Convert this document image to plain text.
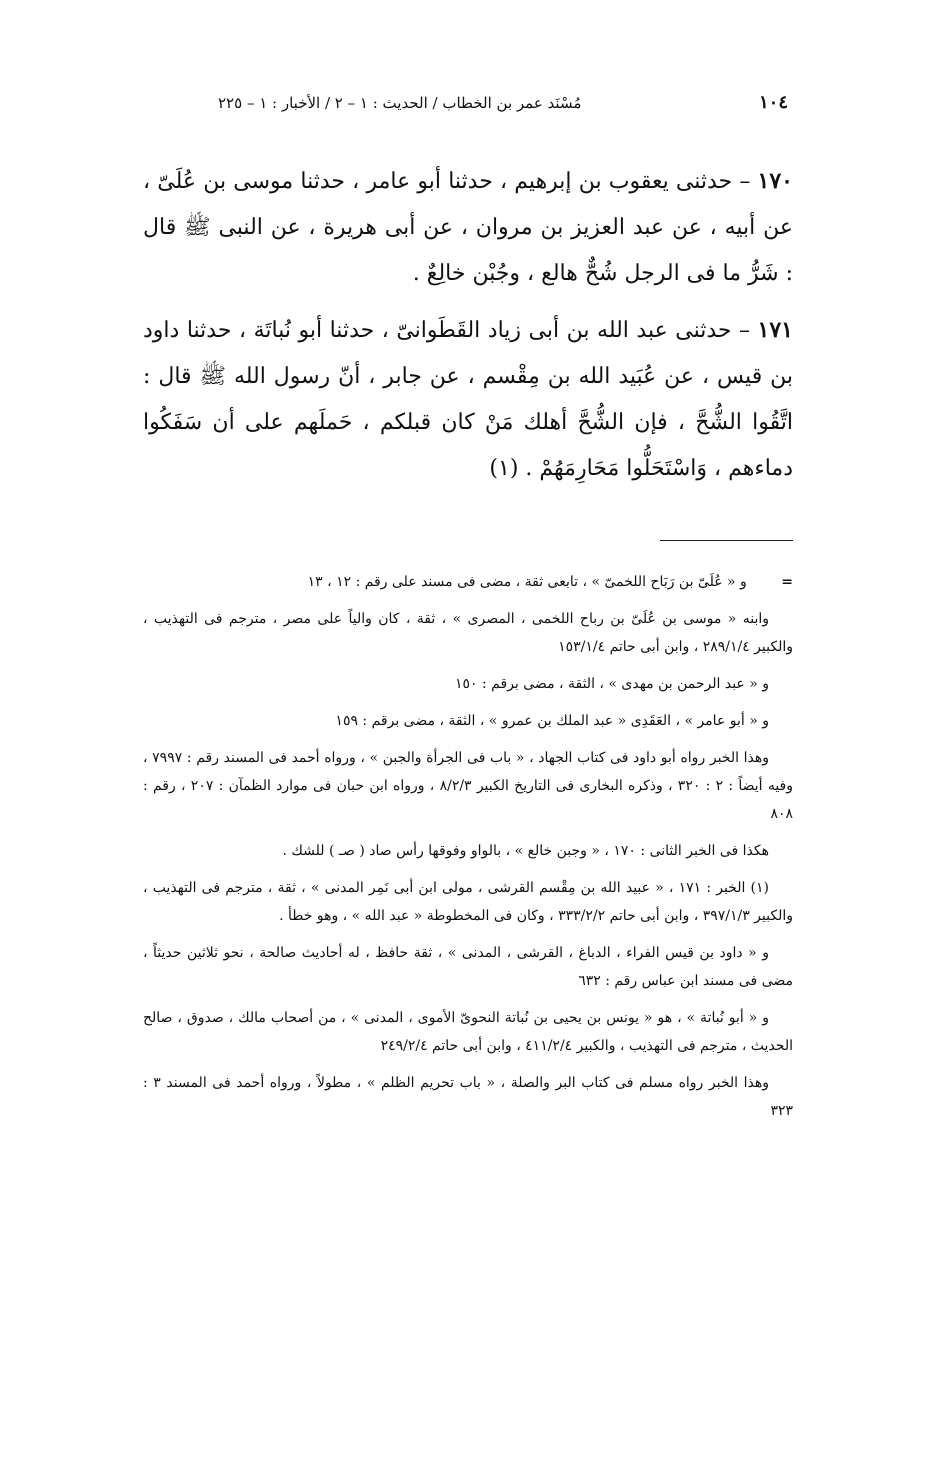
١٠٤
مُسْنَد عمر بن الخطاب / الحديث : ١ – ٢ / الأخبار : ١ – ٢٢٥

١٧٠ – حدثنى يعقوب بن إبرهيم ، حدثنا أبو عامر ، حدثنا موسى بن عُلَىّ ، عن أبيه ، عن عبد العزيز بن مروان ، عن أبى هريرة ، عن النبى ﷺ قال : شَرُّ ما فى الرجل شُحٌّ هالع ، وجُبْن خالِعٌ .

١٧١ – حدثنى عبد الله بن أبى زياد القَطَوانىّ ، حدثنا أبو نُباتَة ، حدثنا داود بن قيس ، عن عُبَيد الله بن مِقْسم ، عن جابر ، أنّ رسول الله ﷺ قال : اتَّقُوا الشُّحَّ ، فإن الشُّحَّ أهلك مَنْ كان قبلكم ، حَملَهم على أن سَفَكُوا دماءهم ، وَاسْتَحَلُّوا مَحَارِمَهُمْ . (١)

= و « عُلَىّ بن رَبَاح اللخمىّ » ، تابعى ثقة ، مضى فى مسند على رقم : ١٢ ، ١٣

وابنه « موسى بن عُلَىّ بن رباح اللخمى ، المصرى » ، ثقة ، كان والياً على مصر ، مترجم فى التهذيب ، والكبير ٢٨٩/١/٤ ، وابن أبى حاتم ١٥٣/١/٤

و « عبد الرحمن بن مهدى » ، الثقة ، مضى برقم : ١٥٠

و « أبو عامر » ، العَقَدِى « عبد الملك بن عمرو » ، الثقة ، مضى برقم : ١٥٩

وهذا الخبر رواه أبو داود فى كتاب الجهاد ، « باب فى الجرأة والجبن » ، ورواه أحمد فى المسند رقم : ٧٩٩٧ ، وفيه أيضاً : ٢ : ٣٢٠ ، وذكره البخارى فى التاريخ الكبير ٨/٢/٣ ، ورواه ابن حبان فى موارد الظمآن : ٢٠٧ ، رقم : ٨٠٨

هكذا فى الخبر الثانى : ١٧٠ ، « وجبن خالع » ، بالواو وفوقها رأس صاد ( صـ ) للشك .

(١) الخبر : ١٧١ ، « عبيد الله بن مِقْسم القرشى ، مولى ابن أبى نَمِر المدنى » ، ثقة ، مترجم فى التهذيب ، والكبير ٣٩٧/١/٣ ، وابن أبى حاتم ٣٣٣/٢/٢ ، وكان فى المخطوطة « عبد الله » ، وهو خطأ .

و « داود بن قيس الفراء ، الدباغ ، القرشى ، المدنى » ، ثقة حافظ ، له أحاديث صالحة ، نحو ثلاثين حديثاً ، مضى فى مسند ابن عباس رقم : ٦٣٢

و « أبو نُباتة » ، هو « يونس بن يحيى بن نُباتة النحوىّ الأموى ، المدنى » ، من أصحاب مالك ، صدوق ، صالح الحديث ، مترجم فى التهذيب ، والكبير ٤١١/٢/٤ ، وابن أبى حاتم ٢٤٩/٢/٤

وهذا الخبر رواه مسلم فى كتاب البر والصلة ، « باب تحريم الظلم » ، مطولاً ، ورواه أحمد فى المسند ٣ : ٣٢٣
